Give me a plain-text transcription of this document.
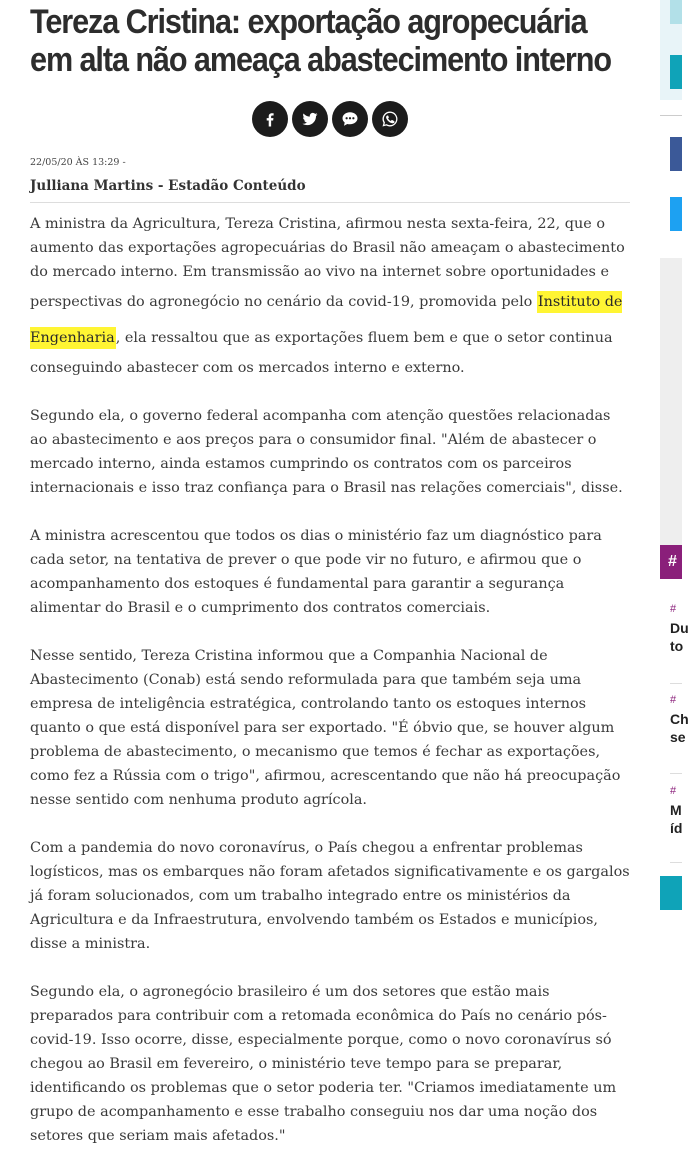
Tereza Cristina: exportação agropecuária em alta não ameaça abastecimento interno
22/05/20 ÀS 13:29 -
Julliana Martins - Estadão Conteúdo

A ministra da Agricultura, Tereza Cristina, afirmou nesta sexta-feira, 22, que o aumento das exportações agropecuárias do Brasil não ameaçam o abastecimento do mercado interno. Em transmissão ao vivo na internet sobre oportunidades e perspectivas do agronegócio no cenário da covid-19, promovida pelo Instituto de Engenharia, ela ressaltou que as exportações fluem bem e que o setor continua conseguindo abastecer com os mercados interno e externo.

Segundo ela, o governo federal acompanha com atenção questões relacionadas ao abastecimento e aos preços para o consumidor final. "Além de abastecer o mercado interno, ainda estamos cumprindo os contratos com os parceiros internacionais e isso traz confiança para o Brasil nas relações comerciais", disse.

A ministra acrescentou que todos os dias o ministério faz um diagnóstico para cada setor, na tentativa de prever o que pode vir no futuro, e afirmou que o acompanhamento dos estoques é fundamental para garantir a segurança alimentar do Brasil e o cumprimento dos contratos comerciais.

Nesse sentido, Tereza Cristina informou que a Companhia Nacional de Abastecimento (Conab) está sendo reformulada para que também seja uma empresa de inteligência estratégica, controlando tanto os estoques internos quanto o que está disponível para ser exportado. "É óbvio que, se houver algum problema de abastecimento, o mecanismo que temos é fechar as exportações, como fez a Rússia com o trigo", afirmou, acrescentando que não há preocupação nesse sentido com nenhuma produto agrícola.

Com a pandemia do novo coronavírus, o País chegou a enfrentar problemas logísticos, mas os embarques não foram afetados significativamente e os gargalos já foram solucionados, com um trabalho integrado entre os ministérios da Agricultura e da Infraestrutura, envolvendo também os Estados e municípios, disse a ministra.

Segundo ela, o agronegócio brasileiro é um dos setores que estão mais preparados para contribuir com a retomada econômica do País no cenário pós-covid-19. Isso ocorre, disse, especialmente porque, como o novo coronavírus só chegou ao Brasil em fevereiro, o ministério teve tempo para se preparar, identificando os problemas que o setor poderia ter. "Criamos imediatamente um grupo de acompanhamento e esse trabalho conseguiu nos dar uma noção dos setores que seriam mais afetados."

#
#
Du
to
#
Ch
se
#
M
íd
